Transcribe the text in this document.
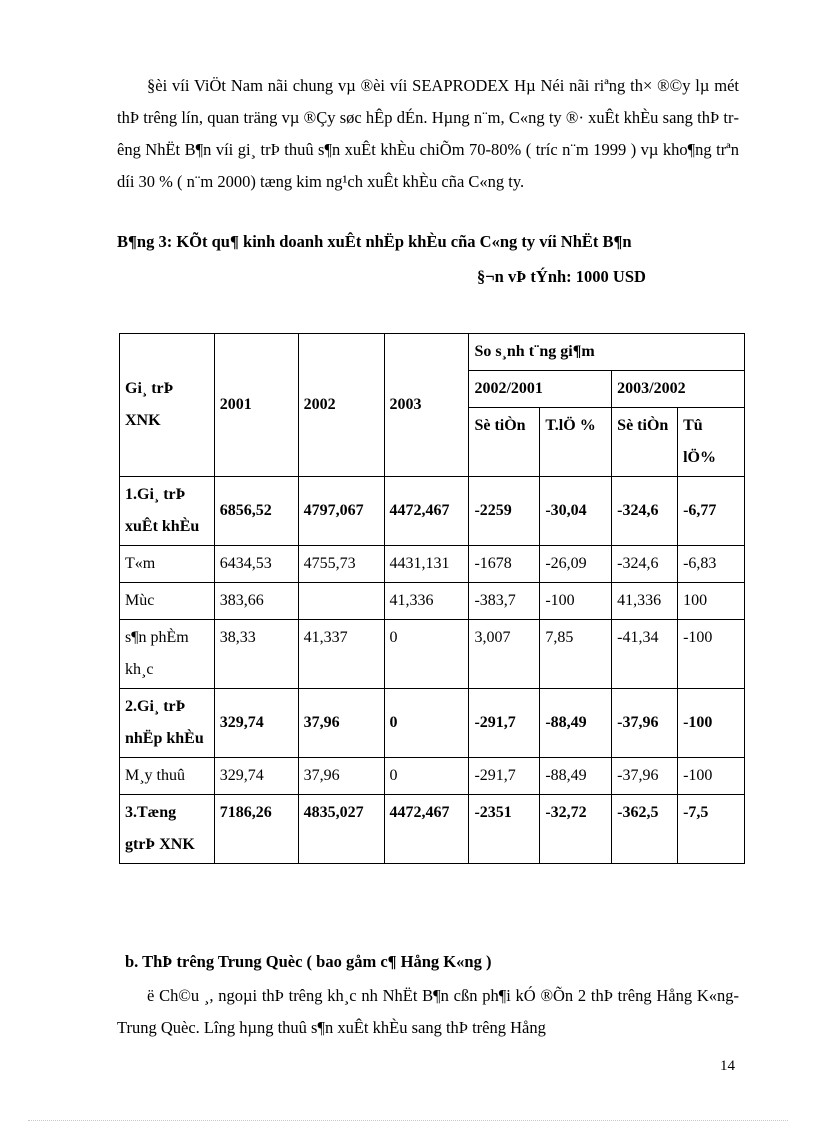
§èi víi ViÖt Nam nãi chung vµ ®èi víi SEAPRODEX Hµ Néi nãi riªng th× ®©y lµ mét thÞ trêng lín, quan träng vµ ®Çy søc hÊp dÉn. Hµng n¨m, C«ng ty ®· xuÊt khÈu sang thÞ trêng NhËt B¶n víi gi¸ trÞ thuû s¶n xuÊt khÈu chiÕm 70-80% ( tríc n¨m 1999 ) vµ kho¶ng trªn díi 30 % ( n¨m 2000) tæng kim ng¹ch xuÊt khÈu cña C«ng ty.

B¶ng 3: KÕt qu¶ kinh doanh xuÊt nhËp khÈu cña C«ng ty víi NhËt B¶n

§¬n vÞ tÝnh: 1000 USD

Gi¸ trÞ XNK	2001	2002	2003	So s¸nh t¨ng gi¶m			
				2002/2001		2003/2002	
				Sè tiÒn	T.lÖ %	Sè tiÒn	Tû lÖ%
1.Gi¸ trÞ xuÊt khÈu	6856,52	4797,067	4472,467	-2259	-30,04	-324,6	-6,77
T«m	6434,53	4755,73	4431,131	-1678	-26,09	-324,6	-6,83
Mùc	383,66		41,336	-383,7	-100	41,336	100
s¶n phÈm kh¸c	38,33	41,337	0	3,007	7,85	-41,34	-100
2.Gi¸ trÞ nhËp khÈu	329,74	37,96	0	-291,7	-88,49	-37,96	-100
M¸y thuû	329,74	37,96	0	-291,7	-88,49	-37,96	-100
3.Tæng gtrÞ XNK	7186,26	4835,027	4472,467	-2351	-32,72	-362,5	-7,5

b. ThÞ trêng Trung Quèc ( bao gåm c¶ Hång K«ng )

ë Ch©u ¸, ngoµi thÞ trêng kh¸c nh NhËt B¶n cßn ph¶i kÓ ®Õn 2 thÞ trêng Hång K«ng- Trung Quèc. Lîng hµng thuû s¶n xuÊt khÈu sang thÞ trêng Hång

14
